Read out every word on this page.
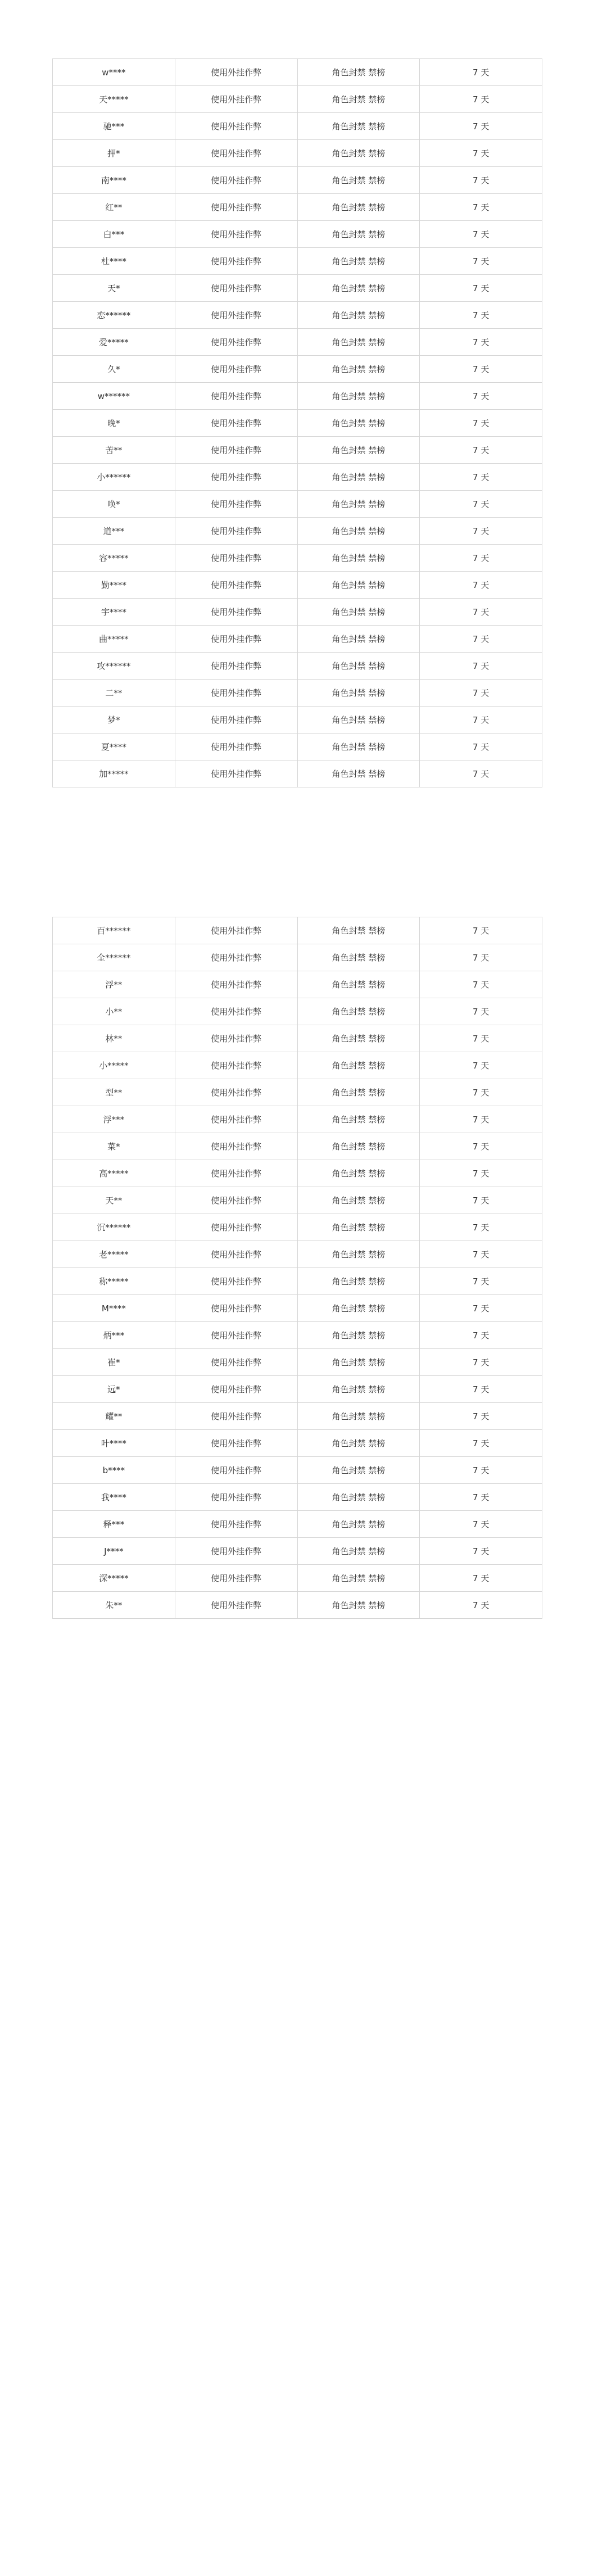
w****	使用外挂作弊	角色封禁 禁榜	7 天
天*****	使用外挂作弊	角色封禁 禁榜	7 天
驰***	使用外挂作弊	角色封禁 禁榜	7 天
押*	使用外挂作弊	角色封禁 禁榜	7 天
南****	使用外挂作弊	角色封禁 禁榜	7 天
红**	使用外挂作弊	角色封禁 禁榜	7 天
白***	使用外挂作弊	角色封禁 禁榜	7 天
杜****	使用外挂作弊	角色封禁 禁榜	7 天
天*	使用外挂作弊	角色封禁 禁榜	7 天
恋******	使用外挂作弊	角色封禁 禁榜	7 天
爱*****	使用外挂作弊	角色封禁 禁榜	7 天
久*	使用外挂作弊	角色封禁 禁榜	7 天
w******	使用外挂作弊	角色封禁 禁榜	7 天
晚*	使用外挂作弊	角色封禁 禁榜	7 天
苦**	使用外挂作弊	角色封禁 禁榜	7 天
小******	使用外挂作弊	角色封禁 禁榜	7 天
唤*	使用外挂作弊	角色封禁 禁榜	7 天
道***	使用外挂作弊	角色封禁 禁榜	7 天
容*****	使用外挂作弊	角色封禁 禁榜	7 天
勤****	使用外挂作弊	角色封禁 禁榜	7 天
宇****	使用外挂作弊	角色封禁 禁榜	7 天
曲*****	使用外挂作弊	角色封禁 禁榜	7 天
攻******	使用外挂作弊	角色封禁 禁榜	7 天
二**	使用外挂作弊	角色封禁 禁榜	7 天
梦*	使用外挂作弊	角色封禁 禁榜	7 天
夏****	使用外挂作弊	角色封禁 禁榜	7 天
加*****	使用外挂作弊	角色封禁 禁榜	7 天
百******	使用外挂作弊	角色封禁 禁榜	7 天
全******	使用外挂作弊	角色封禁 禁榜	7 天
浮**	使用外挂作弊	角色封禁 禁榜	7 天
小**	使用外挂作弊	角色封禁 禁榜	7 天
林**	使用外挂作弊	角色封禁 禁榜	7 天
小*****	使用外挂作弊	角色封禁 禁榜	7 天
型**	使用外挂作弊	角色封禁 禁榜	7 天
浮***	使用外挂作弊	角色封禁 禁榜	7 天
菜*	使用外挂作弊	角色封禁 禁榜	7 天
高*****	使用外挂作弊	角色封禁 禁榜	7 天
天**	使用外挂作弊	角色封禁 禁榜	7 天
沉******	使用外挂作弊	角色封禁 禁榜	7 天
老*****	使用外挂作弊	角色封禁 禁榜	7 天
称*****	使用外挂作弊	角色封禁 禁榜	7 天
M****	使用外挂作弊	角色封禁 禁榜	7 天
炳***	使用外挂作弊	角色封禁 禁榜	7 天
崔*	使用外挂作弊	角色封禁 禁榜	7 天
远*	使用外挂作弊	角色封禁 禁榜	7 天
耀**	使用外挂作弊	角色封禁 禁榜	7 天
叶****	使用外挂作弊	角色封禁 禁榜	7 天
b****	使用外挂作弊	角色封禁 禁榜	7 天
我****	使用外挂作弊	角色封禁 禁榜	7 天
释***	使用外挂作弊	角色封禁 禁榜	7 天
J****	使用外挂作弊	角色封禁 禁榜	7 天
深*****	使用外挂作弊	角色封禁 禁榜	7 天
朱**	使用外挂作弊	角色封禁 禁榜	7 天
